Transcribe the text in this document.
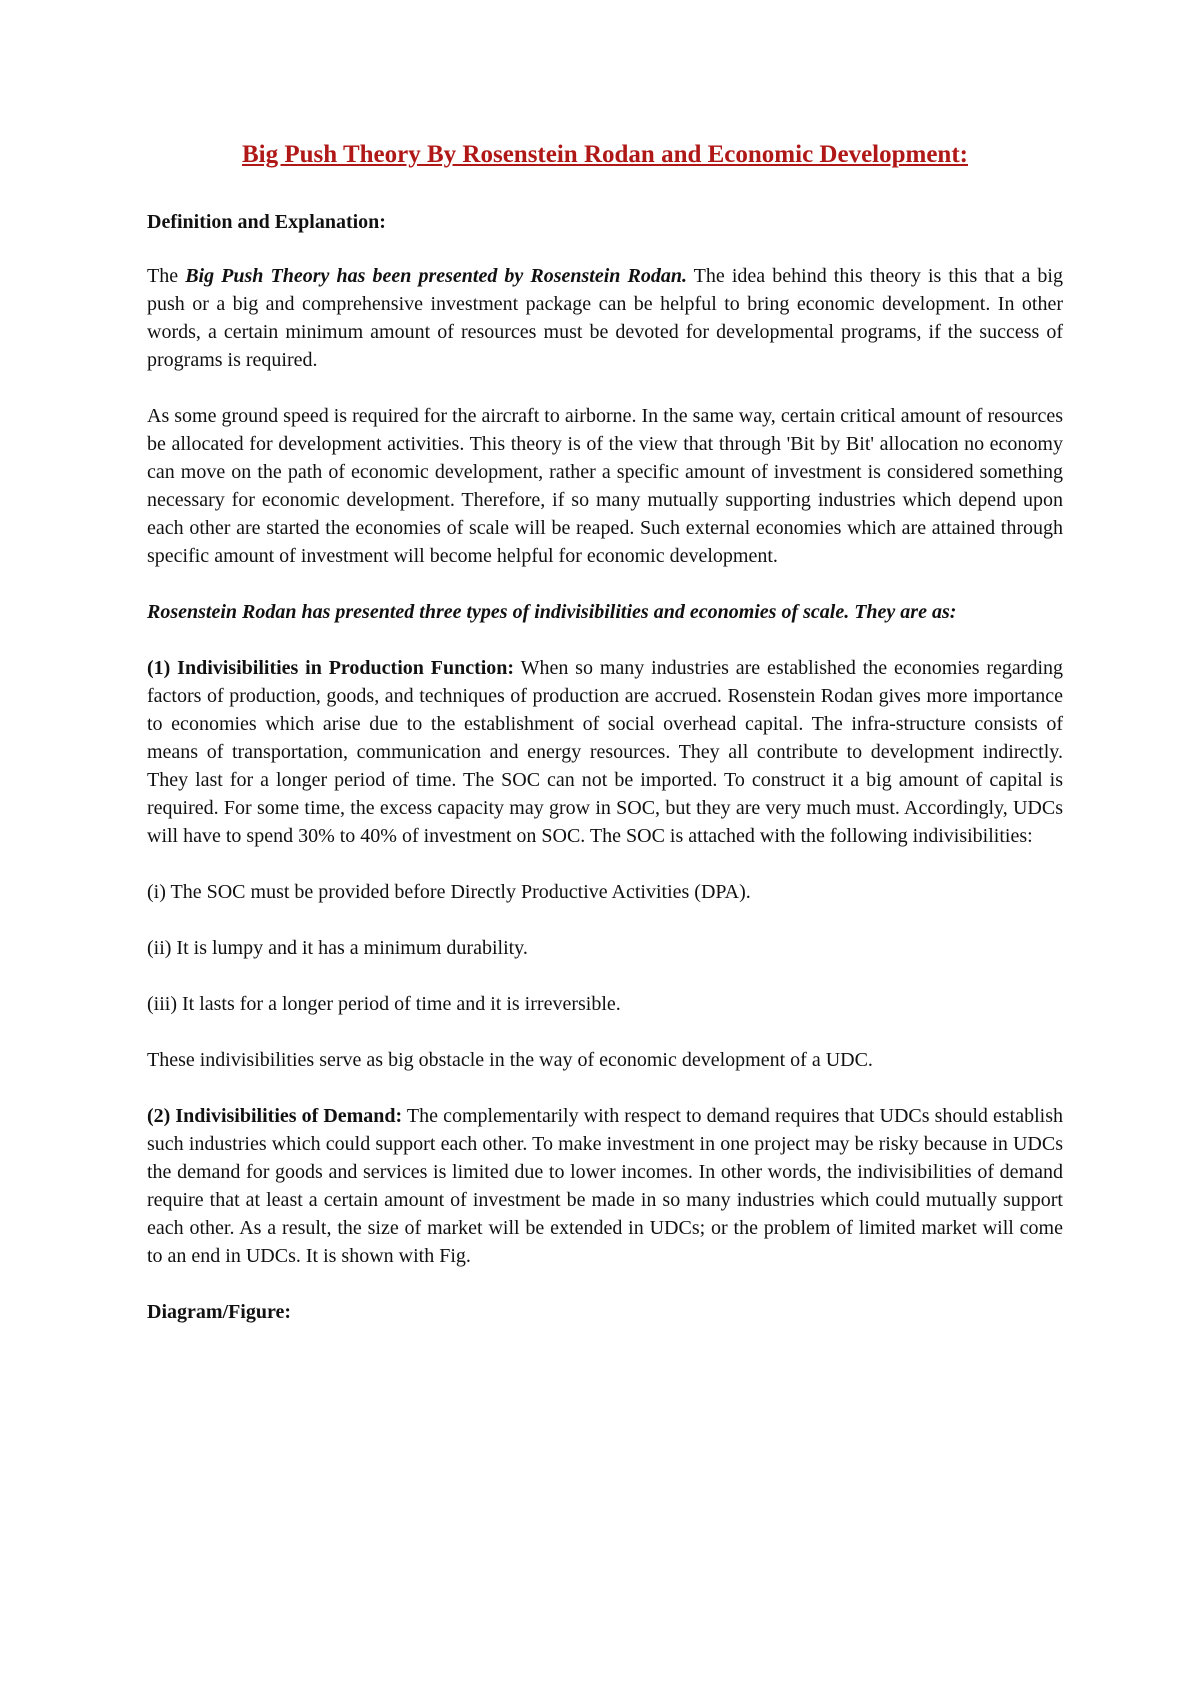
Big Push Theory By Rosenstein Rodan and Economic Development:
Definition and Explanation:

The Big Push Theory has been presented by Rosenstein Rodan. The idea behind this theory is this that a big push or a big and comprehensive investment package can be helpful to bring economic development. In other words, a certain minimum amount of resources must be devoted for developmental programs, if the success of programs is required.

As some ground speed is required for the aircraft to airborne. In the same way, certain critical amount of resources be allocated for development activities. This theory is of the view that through 'Bit by Bit' allocation no economy can move on the path of economic development, rather a specific amount of investment is considered something necessary for economic development. Therefore, if so many mutually supporting industries which depend upon each other are started the economies of scale will be reaped. Such external economies which are attained through specific amount of investment will become helpful for economic development.

Rosenstein Rodan has presented three types of indivisibilities and economies of scale. They are as:

(1) Indivisibilities in Production Function: When so many industries are established the economies regarding factors of production, goods, and techniques of production are accrued. Rosenstein Rodan gives more importance to economies which arise due to the establishment of social overhead capital. The infra-structure consists of means of transportation, communication and energy resources. They all contribute to development indirectly. They last for a longer period of time. The SOC can not be imported. To construct it a big amount of capital is required. For some time, the excess capacity may grow in SOC, but they are very much must. Accordingly, UDCs will have to spend 30% to 40% of investment on SOC. The SOC is attached with the following indivisibilities:

(i) The SOC must be provided before Directly Productive Activities (DPA).

(ii) It is lumpy and it has a minimum durability.

(iii) It lasts for a longer period of time and it is irreversible.

These indivisibilities serve as big obstacle in the way of economic development of a UDC.

(2) Indivisibilities of Demand: The complementarily with respect to demand requires that UDCs should establish such industries which could support each other. To make investment in one project may be risky because in UDCs the demand for goods and services is limited due to lower incomes. In other words, the indivisibilities of demand require that at least a certain amount of investment be made in so many industries which could mutually support each other. As a result, the size of market will be extended in UDCs; or the problem of limited market will come to an end in UDCs. It is shown with Fig.

Diagram/Figure:
